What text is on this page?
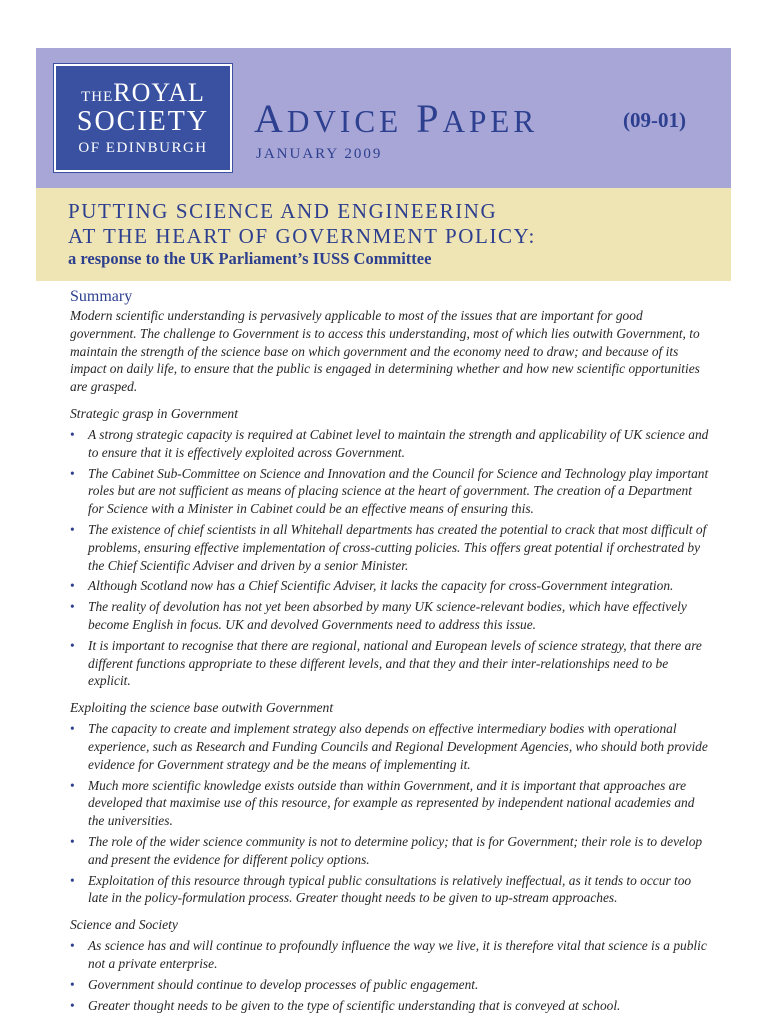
THEROYAL
SOCIETY
OF EDINBURGH
ADVICE PAPER	(09-01)
JANUARY 2009
PUTTING SCIENCE AND ENGINEERING
AT THE HEART OF GOVERNMENT POLICY:
a response to the UK Parliament’s IUSS Committee
Summary

Modern scientific understanding is pervasively applicable to most of the issues that are important for good government. The challenge to Government is to access this understanding, most of which lies outwith Government, to maintain the strength of the science base on which government and the economy need to draw; and because of its impact on daily life, to ensure that the public is engaged in determining whether and how new scientific opportunities are grasped.

Strategic grasp in Government
• A strong strategic capacity is required at Cabinet level to maintain the strength and applicability of UK science and to ensure that it is effectively exploited across Government.
• The Cabinet Sub-Committee on Science and Innovation and the Council for Science and Technology play important roles but are not sufficient as means of placing science at the heart of government. The creation of a Department for Science with a Minister in Cabinet could be an effective means of ensuring this.
• The existence of chief scientists in all Whitehall departments has created the potential to crack that most difficult of problems, ensuring effective implementation of cross-cutting policies. This offers great potential if orchestrated by the Chief Scientific Adviser and driven by a senior Minister.
• Although Scotland now has a Chief Scientific Adviser, it lacks the capacity for cross-Government integration.
• The reality of devolution has not yet been absorbed by many UK science-relevant bodies, which have effectively become English in focus. UK and devolved Governments need to address this issue.
• It is important to recognise that there are regional, national and European levels of science strategy, that there are different functions appropriate to these different levels, and that they and their inter-relationships need to be explicit.
Exploiting the science base outwith Government
• The capacity to create and implement strategy also depends on effective intermediary bodies with operational experience, such as Research and Funding Councils and Regional Development Agencies, who should both provide evidence for Government strategy and be the means of implementing it.
• Much more scientific knowledge exists outside than within Government, and it is important that approaches are developed that maximise use of this resource, for example as represented by independent national academies and the universities.
• The role of the wider science community is not to determine policy; that is for Government; their role is to develop and present the evidence for different policy options.
• Exploitation of this resource through typical public consultations is relatively ineffectual, as it tends to occur too late in the policy-formulation process. Greater thought needs to be given to up-stream approaches.
Science and Society
• As science has and will continue to profoundly influence the way we live, it is therefore vital that science is a public not a private enterprise.
• Government should continue to develop processes of public engagement.
• Greater thought needs to be given to the type of scientific understanding that is conveyed at school.
